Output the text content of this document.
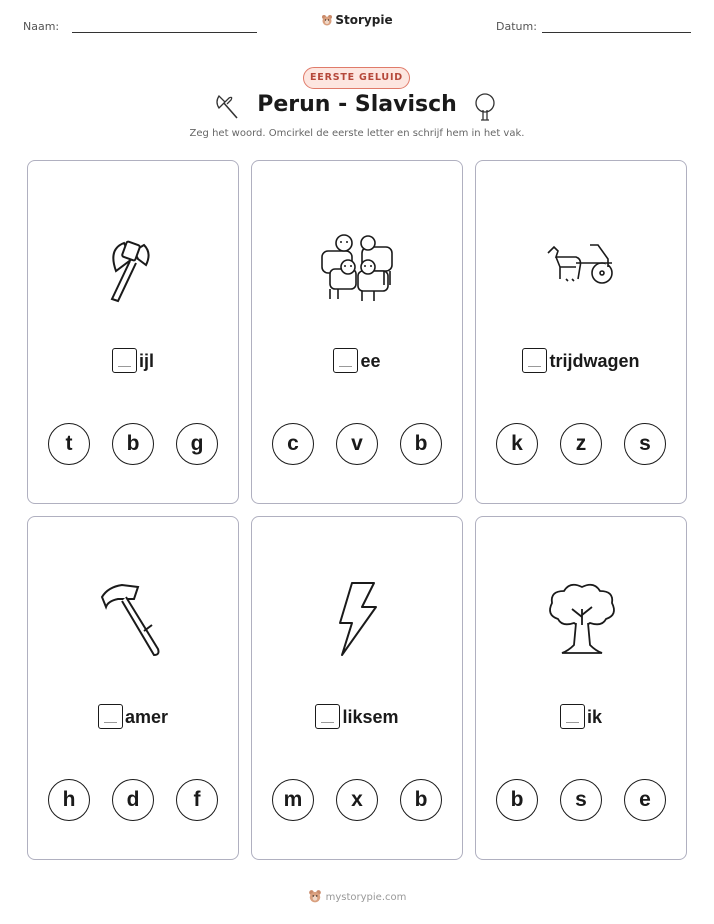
Naam:	Storypie	Datum:
EERSTE GELUID
Perun - Slavisch
Zeg het woord. Omcirkel de eerste letter en schrijf hem in het vak.
ijl
t	b	g
ee
c	v	b
trijdwagen
k	z	s
amer
h	d	f
liksem
m	x	b
ik
b	s	e
mystorypie.com
